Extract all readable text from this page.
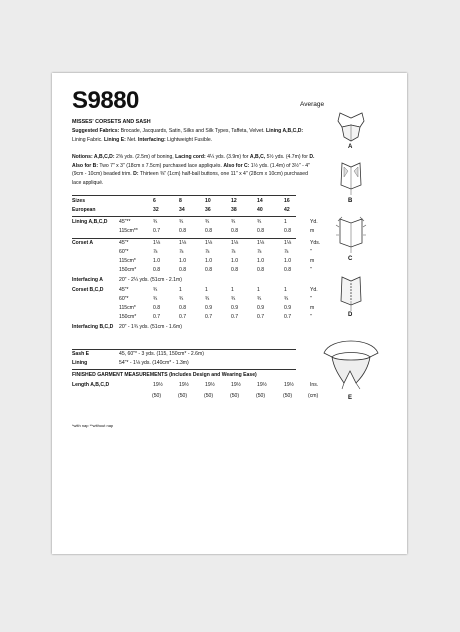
S9880	Average
MISSES' CORSETS AND SASH
Suggested Fabrics: Brocade, Jacquards, Satin, Silks and Silk Types, Taffeta, Velvet. Lining A,B,C,D: Lining Fabric. Lining E: Net. Interfacing: Lightweight Fusible.
Notions: A,B,C,D: 2⅝ yds. (2.5m) of boning, Lacing cord: 4¼ yds. (3.9m) for A,B,C, 5½ yds. (4.7m) for D. Also for B: Two 7" x 3" (18cm x 7.5cm) purchased lace appliqués. Also for C: 1½ yds. (1.4m) of 3½" - 4" (9cm - 10cm) beaded trim. D: Thirteen ⅜" (1cm) half-ball buttons, one 11" x 4" (28cm x 10cm) purchased lace appliqué.
Sizes	6	8	10	12	14	16
European	32	34	36	38	40	42
Lining A,B,C,D 45"**	¾	¾	¾	¾	¾	1	Yd.
115cm**	0.7	0.8	0.8	0.8	0.8	0.8	m
Corset A	45"*	1⅛	1⅛	1⅛	1⅛	1⅛	1⅛	Yds.
60"*	⅞	⅞	⅞	⅞	⅞	⅞	"
115cm*	1.0	1.0	1.0	1.0	1.0	1.0	m
150cm*	0.8	0.8	0.8	0.8	0.8	0.8	"
Interfacing A	20" - 2¼ yds. (51cm - 2.1m)
Corset B,C,D	45"*	¾	1	1	1	1	1	Yd.
60"*	¾	¾	¾	¾	¾	¾	"
115cm*	0.8	0.8	0.9	0.9	0.9	0.9	m
150cm*	0.7	0.7	0.7	0.7	0.7	0.7	"
Interfacing B,C,D 20" - 1¾ yds. (51cm - 1.6m)
Sash E	45, 60"* - 3 yds. (115, 150cm* - 2.6m)
Lining	54"* - 1⅛ yds. (140cm* - 1.3m)
FINISHED GARMENT MEASUREMENTS (Includes Design and Wearing Ease)
Length A,B,C,D	19½	19½	19½	19½	19½	19½	Ins.
(50)	(50)	(50)	(50)	(50)	(50)	(cm)
*with nap **without nap
A
B
C
D
E
